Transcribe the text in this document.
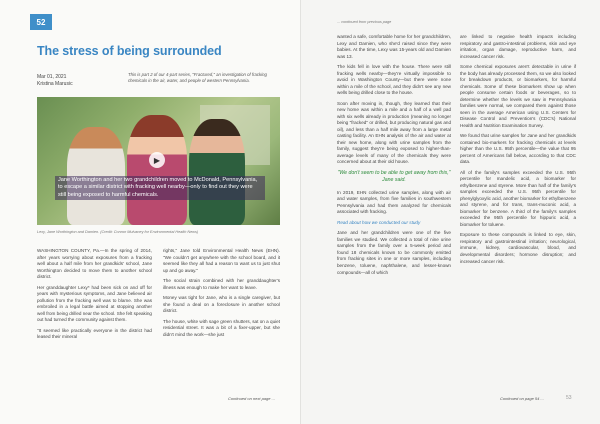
52
The stress of being surrounded
Mar 01, 2021
Kristina Marusic
This is part 2 of our 4-part series, "Fractured," an investigation of fracking chemicals in the air, water, and people of western Pennsylvania.
▶
Jane Worthington and her two grandchildren moved to McDonald, Pennsylvania, to escape a similar district with fracking well nearby—only to find out they were still being exposed to harmful chemicals.
Lexy, Jane Worthington and Damien. (Credit: Connor Mulvaney for Environmental Health News)

WASHINGTON COUNTY, Pa.—In the spring of 2014, after years worrying about exposures from a fracking well about a half mile from her grandkids' school, Jane Worthington decided to move them to another school district.

Her granddaughter Lexy* had been sick on and off for years with mysterious symptoms, and Jane believed air pollution from the fracking well was to blame. She was embroiled in a legal battle aimed at stopping another well from being drilled near the school. She felt speaking out had turned the community against them.

"It seemed like practically everyone in the district had leased their mineral

rights," Jane told Environmental Health News (EHN). "We couldn't get anywhere with the school board, and it seemed like they all had a reason to want us to just shut up and go away."

The social strain combined with her granddaughter's illness was enough to make her want to leave.

Money was tight for Jane, who is a single caregiver, but she found a deal on a foreclosure in another school district.

The house, white with sage green shutters, sat on a quiet residential street. It was a bit of a fixer-upper, but she didn't mind the work—she just

Continued on next page ...
... continued from previous page

wanted a safe, comfortable home for her grandchildren, Lexy and Damien, who she'd raised since they were babies. At the time, Lexy was 15-years old and Damien was 13.

The kids fell in love with the house. There were still fracking wells nearby—they're virtually impossible to avoid in Washington County—but there were none within a mile of the school, and they didn't see any new wells being drilled close to the house.

Soon after moving in, though, they learned that their new home was within a mile and a half of a well pad with six wells already in production (meaning no longer being "fracked" or drilled, but producing natural gas and oil), and less than a half mile away from a large metal casting facility. An EHN analysis of the air and water at their new home, along with urine samples from the family, suggest they're being exposed to higher-than-average levels of many of the chemicals they were concerned about at their old house.

"We don't seem to be able to get away from this," Jane said.

In 2019, EHN collected urine samples, along with air and water samples, from five families in southwestern Pennsylvania and had them analyzed for chemicals associated with fracking.

Read about how we conducted our study

Jane and her grandchildren were one of the five families we studied. We collected a total of nine urine samples from the family over a 5-week period and found 18 chemicals known to be commonly emitted from fracking sites in one or more samples, including benzene, toluene, naphthalene, and lesser-known compounds—all of which

are linked to negative health impacts including respiratory and gastro-intestinal problems, skin and eye irritation, organ damage, reproductive harm, and increased cancer risk.

Some chemical exposures aren't detectable in urine if the body has already processed them, so we also looked for breakdown products, or biomarkers, for harmful chemicals. Some of these biomarkers show up when people consume certain foods or beverages, so to determine whether the levels we saw in Pennsylvania families were normal, we compared them against those seen in the average American using U.S. Centers for Disease Control and Prevention's (CDC's) National Health and Nutrition Examination Survey.

We found that urine samples for Jane and her grandkids contained bio-markers for fracking chemicals at levels higher than the U.S. 95th percentile—the value that 95 percent of Americans fall below, according to that CDC data.

All of the family's samples exceeded the U.S. 95th percentile for mandelic acid, a biomarker for ethylbenzene and styrene. More than half of the family's samples exceeded the U.S. 95th percentile for phenylglyoxylic acid, another biomarker for ethylbenzene and styrene, and for trans, trans-muconic acid, a biomarker for benzene. A third of the family's samples exceeded the 95th percentile for hippuric acid, a biomarker for toluene.

Exposure to these compounds is linked to eye, skin, respiratory and gastrointestinal irritation; neurological, immune, kidney, cardiovascular, blood, and developmental disorders; hormone disruption; and increased cancer risk.

Continued on page 54 ...	53
